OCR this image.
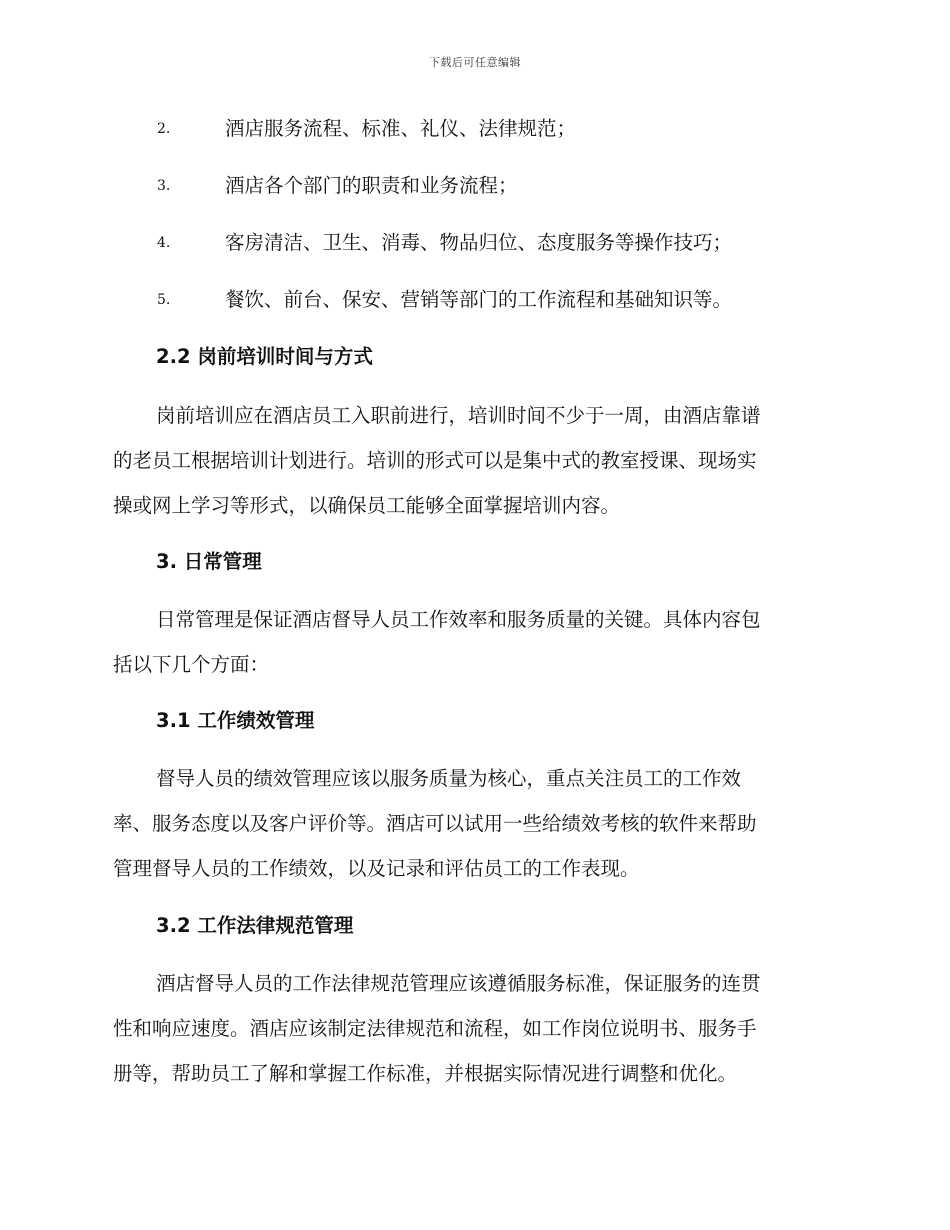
下载后可任意编辑
2.	酒店服务流程、标准、礼仪、法律规范；
3.	酒店各个部门的职责和业务流程；
4.	客房清洁、卫生、消毒、物品归位、态度服务等操作技巧；
5.	餐饮、前台、保安、营销等部门的工作流程和基础知识等。
2.2 岗前培训时间与方式
岗前培训应在酒店员工入职前进行，培训时间不少于一周，由酒店靠谱
的老员工根据培训计划进行。培训的形式可以是集中式的教室授课、现场实
操或网上学习等形式，以确保员工能够全面掌握培训内容。
3. 日常管理
日常管理是保证酒店督导人员工作效率和服务质量的关键。具体内容包
括以下几个方面：
3.1 工作绩效管理
督导人员的绩效管理应该以服务质量为核心，重点关注员工的工作效
率、服务态度以及客户评价等。酒店可以试用一些给绩效考核的软件来帮助
管理督导人员的工作绩效，以及记录和评估员工的工作表现。
3.2 工作法律规范管理
酒店督导人员的工作法律规范管理应该遵循服务标准，保证服务的连贯
性和响应速度。酒店应该制定法律规范和流程，如工作岗位说明书、服务手
册等，帮助员工了解和掌握工作标准，并根据实际情况进行调整和优化。
